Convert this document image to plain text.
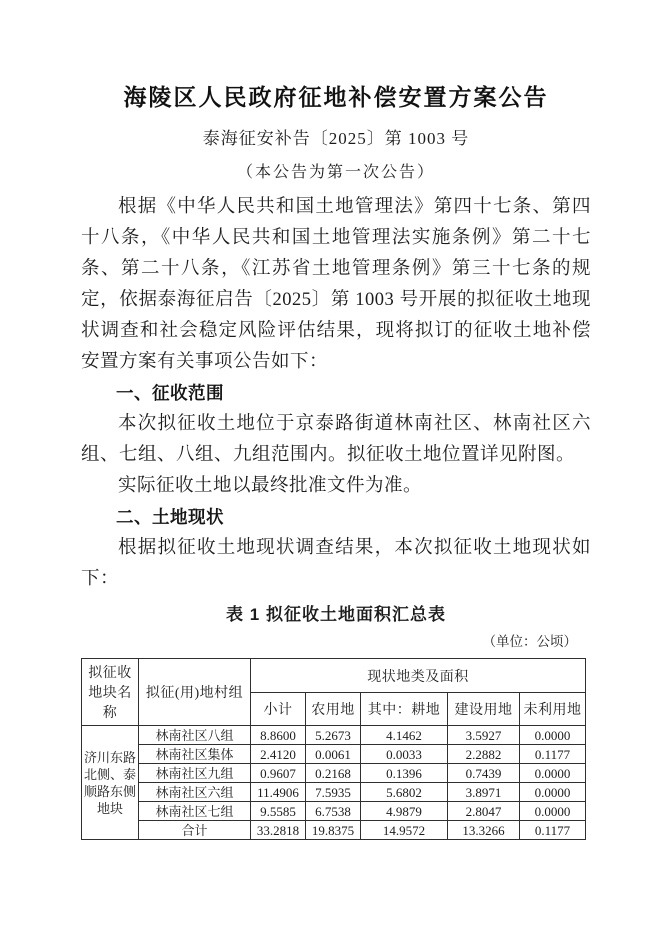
海陵区人民政府征地补偿安置方案公告
泰海征安补告〔2025〕第 1003 号
（本公告为第一次公告）

根据《中华人民共和国土地管理法》第四十七条、第四十八条，《中华人民共和国土地管理法实施条例》第二十七条、第二十八条，《江苏省土地管理条例》第三十七条的规定，依据泰海征启告〔2025〕第 1003 号开展的拟征收土地现状调查和社会稳定风险评估结果，现将拟订的征收土地补偿安置方案有关事项公告如下：

一、征收范围

本次拟征收土地位于京泰路街道林南社区、林南社区六组、七组、八组、九组范围内。拟征收土地位置详见附图。

实际征收土地以最终批准文件为准。

二、土地现状

根据拟征收土地现状调查结果，本次拟征收土地现状如下：

表 1 拟征收土地面积汇总表
（单位：公顷）
拟征收地块名称	拟征(用)地村组	现状地类及面积				
		小计	农用地	其中：耕地	建设用地	未利用地
济川东路北侧、泰顺路东侧地块	林南社区八组	8.8600	5.2673	4.1462	3.5927	0.0000
	林南社区集体	2.4120	0.0061	0.0033	2.2882	0.1177
	林南社区九组	0.9607	0.2168	0.1396	0.7439	0.0000
	林南社区六组	11.4906	7.5935	5.6802	3.8971	0.0000
	林南社区七组	9.5585	6.7538	4.9879	2.8047	0.0000
	合计	33.2818	19.8375	14.9572	13.3266	0.1177
